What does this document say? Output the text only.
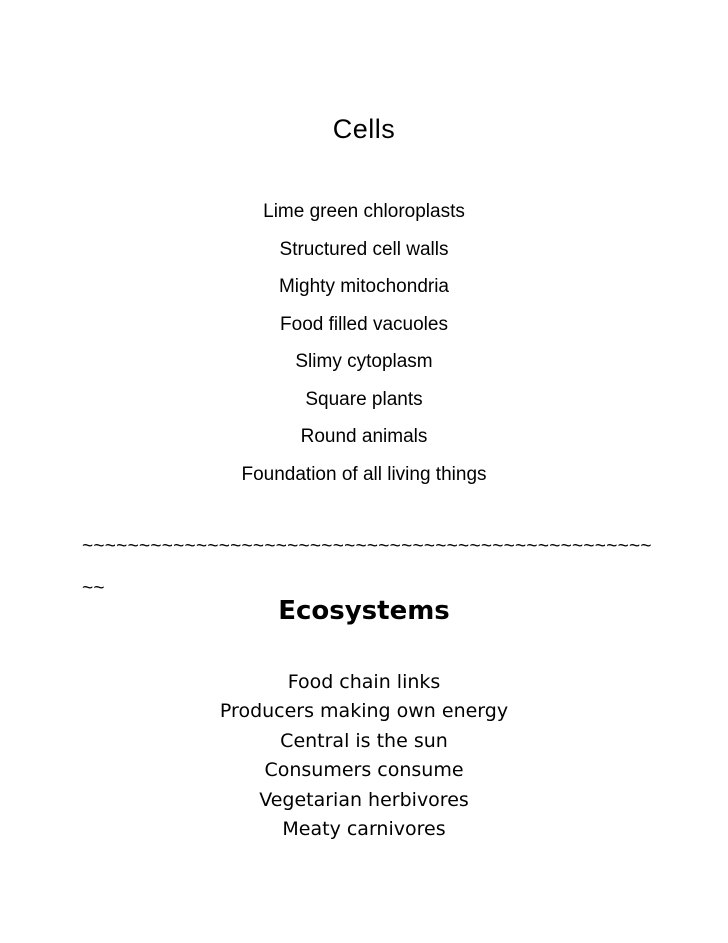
Cells
Lime green chloroplasts
Structured cell walls
Mighty mitochondria
Food filled vacuoles
Slimy cytoplasm
Square plants
Round animals
Foundation of all living things
~~~~~~~~~~~~~~~~~~~~~~~~~~~~~~~~~~~~~~~~~~~~~~~~~~~~
Ecosystems
Food chain links
Producers making own energy
Central is the sun
Consumers consume
Vegetarian herbivores
Meaty carnivores
